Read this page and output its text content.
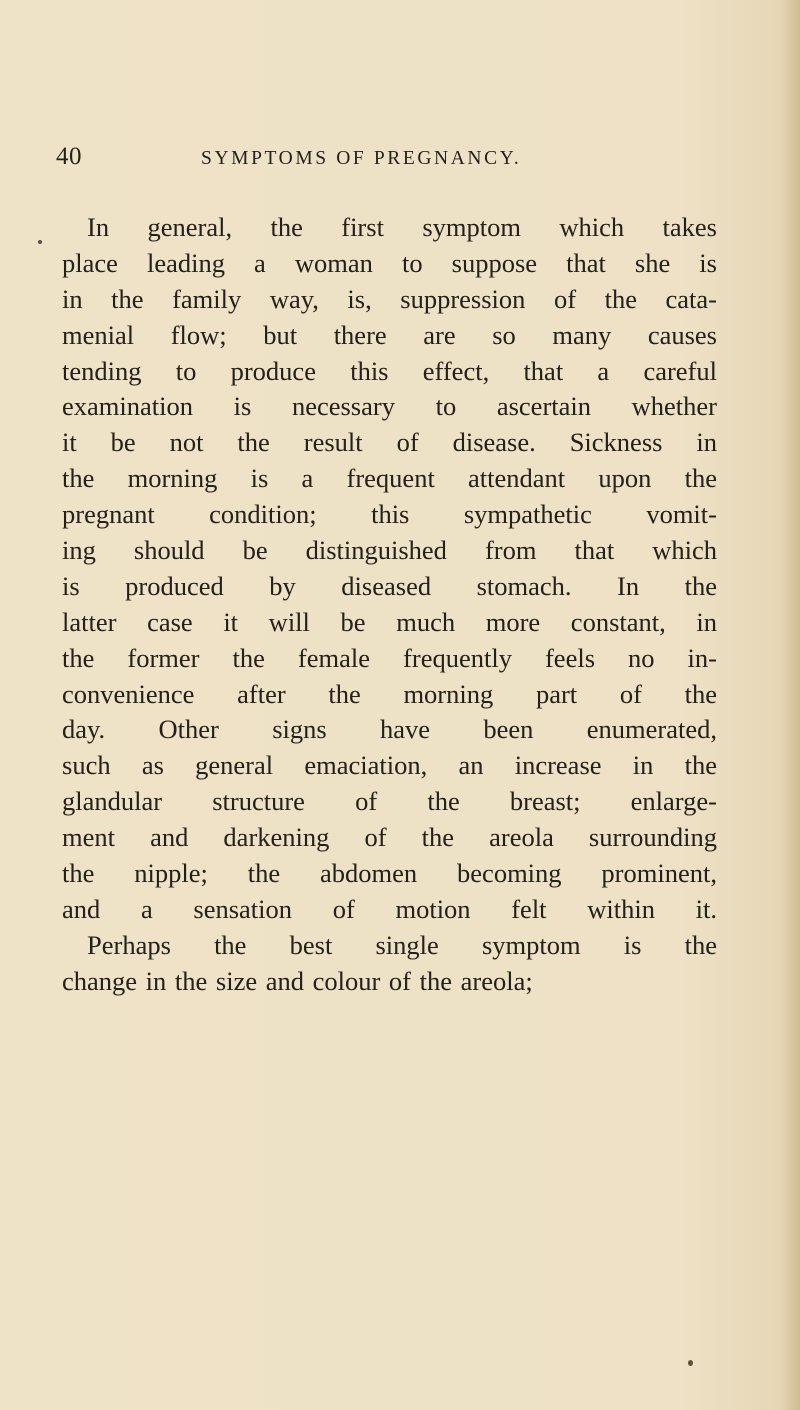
40	SYMPTOMS OF PREGNANCY.
In general, the first symptom which takes
place leading a woman to suppose that she is
in the family way, is, suppression of the cata-
menial flow; but there are so many causes
tending to produce this effect, that a careful
examination is necessary to ascertain whether
it be not the result of disease. Sickness in
the morning is a frequent attendant upon the
pregnant condition; this sympathetic vomit-
ing should be distinguished from that which
is produced by diseased stomach. In the
latter case it will be much more constant, in
the former the female frequently feels no in-
convenience after the morning part of the
day. Other signs have been enumerated,
such as general emaciation, an increase in the
glandular structure of the breast; enlarge-
ment and darkening of the areola surrounding
the nipple; the abdomen becoming prominent,
and a sensation of motion felt within it.
Perhaps the best single symptom is the
change in the size and colour of the areola;
